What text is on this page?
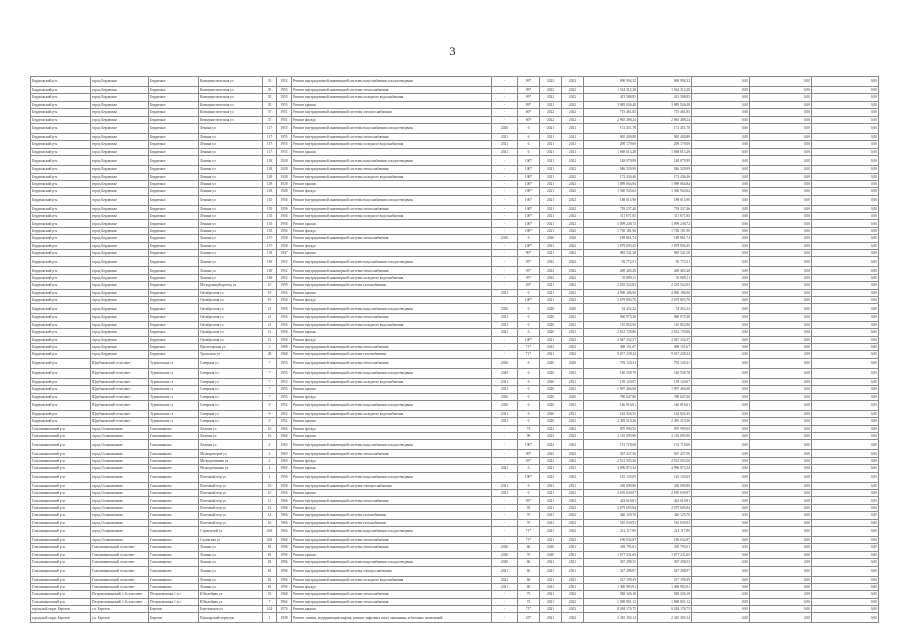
3
Бердюжский р-н	город Бердюжье	Бердюжье	Коммунистическая ул	33	1952	Ремонт внутридомовой инженерной системы водоснабжения и водоотведения	-	99*	2022	2022	690 994,32	690 994,32	0,00	0,00	0,00
Бердюжский р-н	город Бердюжье	Бердюжье	Коммунистическая ул	35	1953	Ремонт внутридомовой инженерной системы теплоснабжения	-	99*	2022	2022	1 524 312,28	1 524 312,28	0,00	0,00	0,00
Бердюжский р-н	город Бердюжье	Бердюжье	Коммунистическая ул	35	1953	Ремонт внутридомовой инженерной системы холодного водоснабжения	-	99*	2022	2022	413 588,85	413 588,85	0,00	0,00	0,00
Бердюжский р-н	город Бердюжье	Бердюжье	Коммунистическая ул	35	1953	Ремонт крыши	-	99*	2021	2022	3 085 926,48	3 085 926,48	0,00	0,00	0,00
Бердюжский р-н	город Бердюжье	Бердюжье	Коммунистическая ул	37	1951	Ремонт внутридомовой инженерной системы электроснабжения	-	60*	2022	2022	715 461,85	715 461,85	0,00	0,00	0,00
Бердюжский р-н	город Бердюжье	Бердюжье	Коммунистическая ул	37	1951	Ремонт фасада	-	60*	2022	2022	2 965 488,24	2 965 488,24	0,00	0,00	0,00
Бердюжский р-н	город Бердюжье	Бердюжье	Ленина ул	117	1955	Ремонт внутридомовой инженерной системы водоснабжения и водоотведения	2020	6	2021	2021	172 451,78	172 451,78	0,00	0,00	0,00
Бердюжский р-н	город Бердюжье	Бердюжье	Ленина ул	117	1955	Ремонт внутридомовой инженерной системы теплоснабжения	2021	6	2021	2021	965 400,80	965 400,80	0,00	0,00	0,00
Бердюжский р-н	город Бердюжье	Бердюжье	Ленина ул	117	1955	Ремонт внутридомовой инженерной системы холодного водоснабжения	2021	6	2021	2021	209 179,69	209 179,69	0,00	0,00	0,00
Бердюжский р-н	город Бердюжье	Бердюжье	Ленина ул	117	1955	Ремонт крыши	2021	6	2021	2021	1 668 613,28	1 668 613,28	0,00	0,00	0,00
Бердюжский р-н	город Бердюжье	Бердюжье	Ленина ул	129	1928	Ремонт внутридомовой инженерной системы водоснабжения и водоотведения	-	100*	2021	2022	148 079,99	148 079,99	0,00	0,00	0,00
Бердюжский р-н	город Бердюжье	Бердюжье	Ленина ул	129	1928	Ремонт внутридомовой инженерной системы теплоснабжения	-	100*	2021	2022	946 520,99	946 520,99	0,00	0,00	0,00
Бердюжский р-н	город Бердюжье	Бердюжье	Ленина ул	129	1928	Ремонт внутридомовой инженерной системы холодного водоснабжения	-	100*	2021	2022	172 436,46	172 436,46	0,00	0,00	0,00
Бердюжский р-н	город Бердюжье	Бердюжье	Ленина ул	129	1928	Ремонт крыши	-	100*	2021	2022	1 889 064,84	1 889 064,84	0,00	0,00	0,00
Бердюжский р-н	город Бердюжье	Бердюжье	Ленина ул	129	1928	Ремонт фасада	-	100*	2021	2022	1 560 943,62	1 560 943,62	0,00	0,00	0,00
Бердюжский р-н	город Бердюжье	Бердюжье	Ленина ул	135	1956	Ремонт внутридомовой инженерной системы водоснабжения и водоотведения	-	100*	2021	2022	188 015,90	188 015,90	0,00	0,00	0,00
Бердюжский р-н	город Бердюжье	Бердюжье	Ленина ул	135	1956	Ремонт внутридомовой инженерной системы теплоснабжения	-	100*	2021	2022	718 237,46	718 237,46	0,00	0,00	0,00
Бердюжский р-н	город Бердюжье	Бердюжье	Ленина ул	135	1956	Ремонт внутридомовой инженерной системы холодного водоснабжения	-	100*	2021	2022	111 671,85	111 671,85	0,00	0,00	0,00
Бердюжский р-н	город Бердюжье	Бердюжье	Ленина ул	135	1956	Ремонт крыши	-	100*	2021	2022	1 099 248,72	1 099 248,72	0,00	0,00	0,00
Бердюжский р-н	город Бердюжье	Бердюжье	Ленина ул	135	1956	Ремонт фасада	-	100*	2021	2022	1 730 181,90	1 730 181,90	0,00	0,00	0,00
Бердюжский р-н	город Бердюжье	Бердюжье	Ленина ул	137	1958	Ремонт внутридомовой инженерной системы теплоснабжения	2020	6	2020	2020	189 861,74	189 861,74	0,00	0,00	0,00
Бердюжский р-н	город Бердюжье	Бердюжье	Ленина ул	137	1958	Ремонт фасада	-	100*	2021	2022	1 879 093,45	1 879 093,45	0,00	0,00	0,00
Бердюжский р-н	город Бердюжье	Бердюжье	Ленина ул	139	1947	Ремонт крыши	-	90*	2021	2022	983 541,58	983 541,58	0,00	0,00	0,00
Бердюжский р-н	город Бердюжье	Бердюжье	Ленина ул	149	1952	Ремонт внутридомовой инженерной системы водоснабжения и водоотведения	-	95*	2022	2022	95 772,51	95 772,51	0,00	0,00	0,00
Бердюжский р-н	город Бердюжье	Бердюжье	Ленина ул	149	1952	Ремонт внутридомовой инженерной системы теплоснабжения	-	95*	2022	2022	269 465,28	269 465,28	0,00	0,00	0,00
Бердюжский р-н	город Бердюжье	Бердюжье	Ленина ул	149	1952	Ремонт внутридомовой инженерной системы холодного водоснабжения	-	95*	2022	2022	55 889,11	55 889,11	0,00	0,00	0,00
Бердюжский р-н	город Бердюжье	Бердюжье	Молодежный проезд ул	10	1959	Ремонт внутридомовой инженерной системы газоснабжения	-	69*	2021	2022	2 255 522,83	2 255 522,83	0,00	0,00	0,00
Бердюжский р-н	город Бердюжье	Бердюжье	Октябрьская ул	19	1954	Ремонт крыши	2021	6	2021	2021	4 090 186,90	4 090 186,90	0,00	0,00	0,00
Бердюжский р-н	город Бердюжье	Бердюжье	Октябрьская ул	19	1954	Ремонт фасада	-	100*	2021	2022	2 679 803,70	2 679 803,70	0,00	0,00	0,00
Бердюжский р-н	город Бердюжье	Бердюжье	Октябрьская ул	21	1956	Ремонт внутридомовой инженерной системы водоснабжения и водоотведения	2020	6	2020	2020	54 452,22	54 452,22	0,00	0,00	0,00
Бердюжский р-н	город Бердюжье	Бердюжье	Октябрьская ул	21	1956	Ремонт внутридомовой инженерной системы теплоснабжения	2021	6	2020	2021	960 975,38	960 975,38	0,00	0,00	0,00
Бердюжский р-н	город Бердюжье	Бердюжье	Октябрьская ул	21	1956	Ремонт внутридомовой инженерной системы холодного водоснабжения	2021	6	2020	2021	110 854,90	110 854,90	0,00	0,00	0,00
Бердюжский р-н	город Бердюжье	Бердюжье	Октябрьская ул	21	1956	Ремонт крыши	2021	6	2020	2021	2 812 729,86	2 812 729,86	0,00	0,00	0,00
Бердюжский р-н	город Бердюжье	Бердюжье	Октябрьская ул	21	1956	Ремонт фасада	-	100*	2021	2022	2 047 332,57	2 047 332,57	0,00	0,00	0,00
Бердюжский р-н	город Бердюжье	Бердюжье	Пролетарская ул	3	1968	Ремонт внутридомовой инженерной системы теплоснабжения	-	71*	2022	2022	408 151,67	408 151,67	0,00	0,00	0,00
Бердюжский р-н	город Бердюжье	Бердюжье	Уральская ул	28	1968	Ремонт внутридомовой инженерной системы газоснабжения	-	71*	2021	2022	9 017 238,24	9 017 238,24	0,00	0,00	0,00
Бердюжский р-н	Щербаковский сельсовет	Туреновская ст	Северная ул	7	1953	Ремонт внутридомовой инженерной системы теплоснабжения	2020	6	2020	2020	793 120,31	793 120,31	0,00	0,00	0,00
Бердюжский р-н	Щербаковский сельсовет	Туреновская ст	Северная ул	7	1953	Ремонт внутридомовой инженерной системы водоснабжения и водоотведения	2029	6	2020	2021	140 558,70	140 558,70	0,00	0,00	0,00
Бердюжский р-н	Щербаковский сельсовет	Туреновская ст	Северная ул	7	1953	Ремонт внутридомовой инженерной системы холодного водоснабжения	2021	6	2020	2021	159 120,07	159 120,07	0,00	0,00	0,00
Бердюжский р-н	Щербаковский сельсовет	Туреновская ст	Северная ул	7	1953	Ремонт крыши	2021	6	2020	2021	1 997 466,08	1 997 466,08	0,00	0,00	0,00
Бердюжский р-н	Щербаковский сельсовет	Туреновская ст	Северная ул	7	1953	Ремонт фасада	2020	6	2020	2020	780 647,80	780 647,80	0,00	0,00	0,00
Бердюжский р-н	Щербаковский сельсовет	Туреновская ст	Северная ул	9	1952	Ремонт внутридомовой инженерной системы водоснабжения и водоотведения	2020	6	2020	2021	146 816,01	146 816,01	0,00	0,00	0,00
Бердюжский р-н	Щербаковский сельсовет	Туреновская ст	Северная ул	9	1952	Ремонт внутридомовой инженерной системы холодного водоснабжения	2021	6	2020	2021	162 924,35	162 924,35	0,00	0,00	0,00
Бердюжский р-н	Щербаковский сельсовет	Туреновская ст	Северная ул	9	1952	Ремонт крыши	2021	6	2020	2021	2 495 210,26	2 495 210,26	0,00	0,00	0,00
Голышмановский р-н	город Голышманово	Голышманово	Лазовая ул	16	1964	Ремонт фасада	-	73	2022	2022	870 990,55	870 990,55	0,00	0,00	0,00
Голышмановский р-н	город Голышманово	Голышманово	Лазовая ул	16	1964	Ремонт крыши	-	90	2022	2022	2 110 095,90	2 110 095,90	0,00	0,00	0,00
Голышмановский р-н	город Голышманово	Голышманово	Лазовая ул	2	1963	Ремонт внутридомовой инженерной системы водоснабжения и водоотведения	-	100*	2022	2022	151 718,68	151 718,68	0,00	0,00	0,00
Голышмановский р-н	город Голышманово	Голышманово	Мелиораторов ул	2	1963	Ремонт внутридомовой инженерной системы теплоснабжения	-	90*	2022	2022	567 437,56	567 437,56	0,00	0,00	0,00
Голышмановский р-н	город Голышманово	Голышманово	Мелиоративная ул	2	1963	Ремонт фасада	-	93*	2022	2022	2 531 503,50	2 531 503,50	0,00	0,00	0,00
Голышмановский р-н	город Голышманово	Голышманово	Мелиоративная ул	4	1965	Ремонт крыши	2021	6	2021	2021	4 996 873,34	4 996 873,34	0,00	0,00	0,00
Голышмановский р-н	город Голышманово	Голышманово	Почтовый пер ул	1	1950	Ремонт внутридомовой инженерной системы водоснабжения и водоотведения	-	100*	2022	2022	125 135,05	125 135,05	0,00	0,00	0,00
Голышмановский р-н	город Голышманово	Голышманово	Почтовый пер ул	10	1956	Ремонт внутридомовой инженерной системы электроснабжения	2021	6	2021	2021	330 690,80	330 690,80	0,00	0,00	0,00
Голышмановский р-н	город Голышманово	Голышманово	Почтовый пер ул	10	1956	Ремонт крыши	2021	6	2021	2021	2 670 639,97	2 670 639,97	0,00	0,00	0,00
Голышмановский р-н	город Голышманово	Голышманово	Почтовый пер ул	12	1966	Ремонт внутридомовой инженерной системы теплоснабжения	-	95*	2021	2022	424 610,81	424 610,81	0,00	0,00	0,00
Голышмановский р-н	город Голышманово	Голышманово	Почтовый пер ул	12	1966	Ремонт фасада	-	93	2021	2022	2 075 605,84	2 075 605,84	0,00	0,00	0,00
Голышмановский р-н	город Голышманово	Голышманово	Почтовый пер ул	14	1966	Ремонт внутридомовой инженерной системы газоснабжения	-	70	2021	2022	426 129,70	426 129,70	0,00	0,00	0,00
Голышмановский р-н	город Голышманово	Голышманово	Почтовый пер ул	16	1966	Ремонт внутридомовой инженерной системы газоснабжения	-	70	2021	2022	510 030,93	510 030,93	0,00	0,00	0,00
Голышмановский р-н	город Голышманово	Голышманово	Строителей ул	43б	1964	Ремонт внутридомовой инженерной системы водоснабжения и водоотведения	-	71*	2021	2022	214 117,89	214 117,89	0,00	0,00	0,00
Голышмановский р-н	город Голышманово	Голышманово	Садовская ул	43б	1964	Ремонт внутридомовой инженерной системы теплоснабжения	-	71*	2021	2022	196 032,87	196 032,87	0,00	0,00	0,00
Голышмановский р-н	Голышмановский сельсовет	Голышманово	Ленина ул	82	1996	Ремонт внутридомовой инженерной системы теплоснабжения	2020	60	2020	2021	339 795,01	339 795,01	0,00	0,00	0,00
Голышмановский р-н	Голышмановский сельсовет	Голышманово	Ленина ул	82	1996	Ремонт крыши	2020	70	2020	2021	1 677 231,65	1 677 231,65	0,00	0,00	0,00
Голышмановский р-н	Голышмановский сельсовет	Голышманово	Ленина ул	82	1996	Ремонт внутридомовой инженерной системы водоснабжения и водоотведения	2020	60	2021	2021	307 298,53	307 298,53	0,00	0,00	0,00
Голышмановский р-н	Голышмановский сельсовет	Голышманово	Ленина ул	82	1996	Ремонт внутридомовой инженерной системы электроснабжения	2021	60	2021	2021	347 498,97	347 498,97	0,00	0,00	0,00
Голышмановский р-н	Голышмановский сельсовет	Голышманово	Ленина ул	82	1996	Ремонт внутридомовой инженерной системы холодного водоснабжения	2021	60	2021	2021	217 199,49	217 199,49	0,00	0,00	0,00
Голышмановский р-н	Голышмановский сельсовет	Голышманово	Ленина ул	82	1996	Ремонт фасада	2021	60	2021	2021	1 400 983,91	1 400 983,91	0,00	0,00	0,00
Голышмановский р-н	Петровскавинский 1-й сельсовет	Петропавловка 1-я с	Юбилейная ул	10	1968	Ремонт внутридомовой инженерной системы теплоснабжения	-	75	2021	2022	948 326,18	948 326,18	0,00	0,00	0,00
Голышмановский р-н	Петровскавинский 1-й сельсовет	Петропавловка 1-я с	Юбилейная ул	7	1964	Ремонт внутридомовой инженерной системы теплоснабжения	-	75	2021	2022	1 068 801,12	1 068 801,12	0,00	0,00	0,00
городской округ Березов	г.п. Березов	Березов	Березовская ул	102	1976	Ремонт крыши	-	71*	2021	2022	8 284 176,75	8 284 176,75	0,00	0,00	0,00
городской округ Березов	г.п. Березов	Березов	Пушкарский переулок	1	1938	Ремонт, замена, модернизация лифтов, ремонт лифтовых шахт, машинных и блочных помещений	-	25*	2021	2022	2 410 303,14	2 410 303,14	0,00	0,00	0,00
